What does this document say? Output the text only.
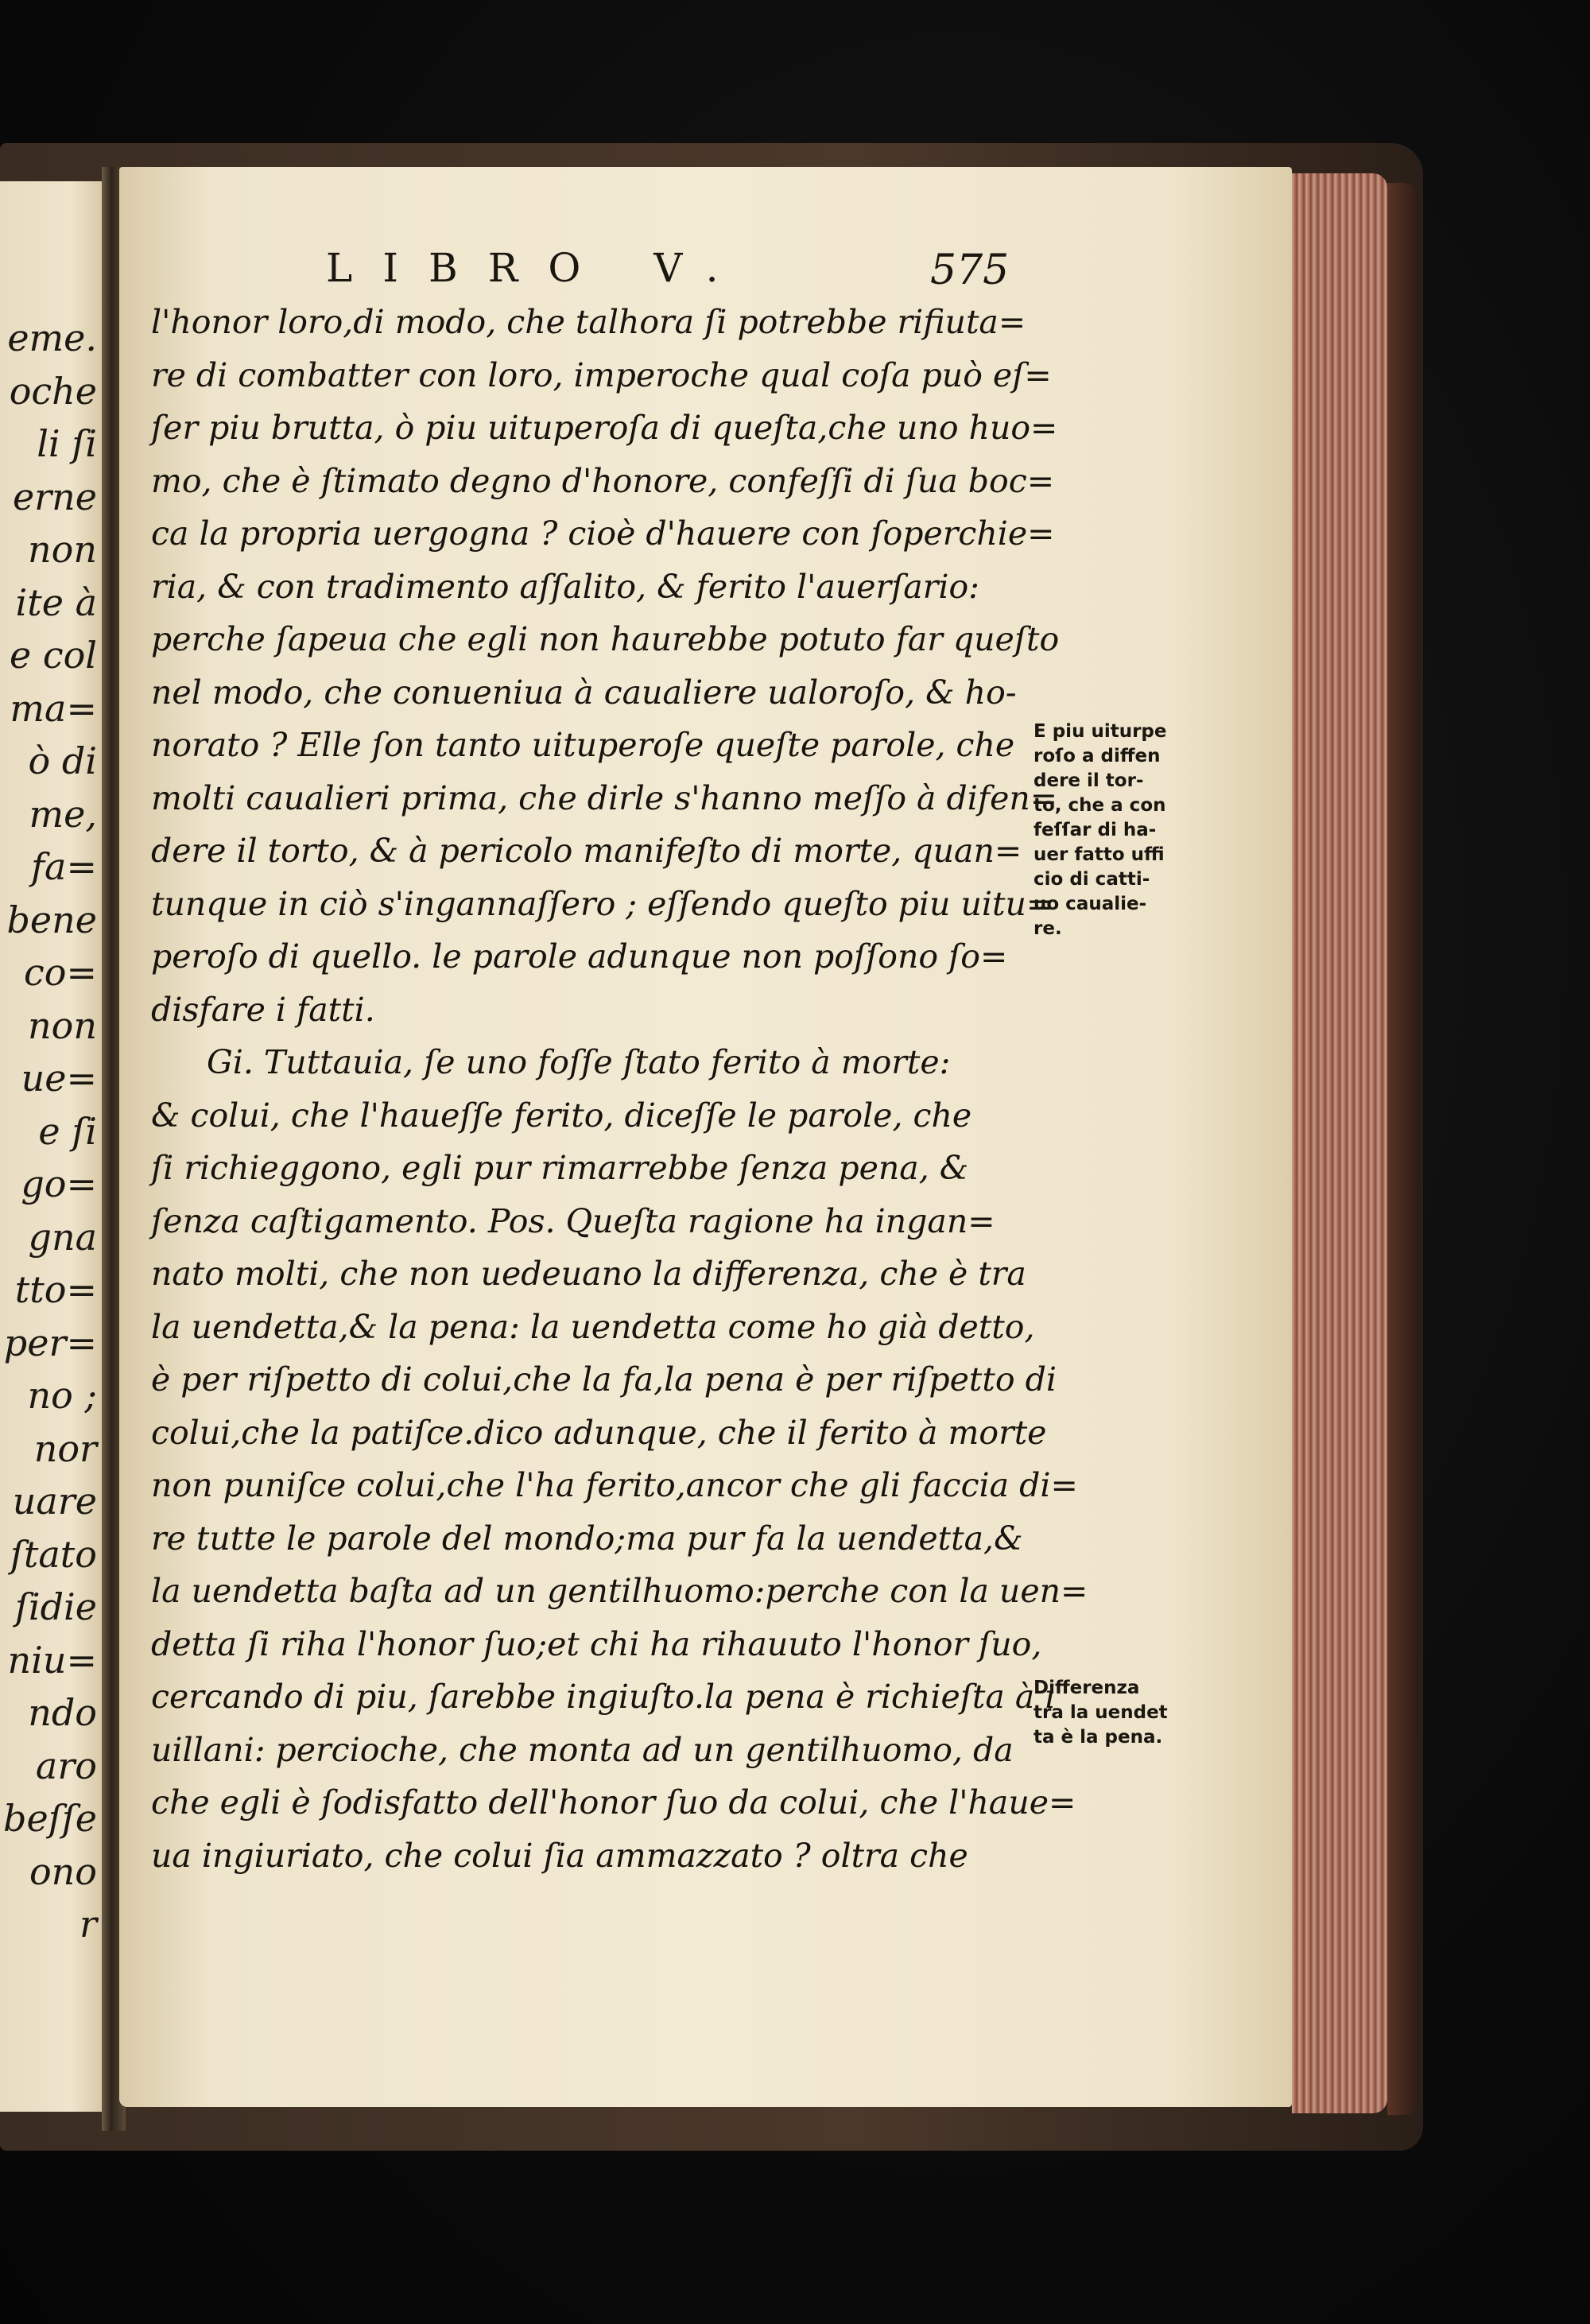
eme.
oche
li ſi
erne
non
ite à
e col
ma=
ò di
me,
fa=
bene
co=
non
ue=
e ſi
go=
gna
tto=
per=
no ;
nor
uare
ſtato
ſidie
niu=
ndo
aro
beſſe
ono
r
LIBRO V.	575
l'honor loro,di modo, che talhora ſi potrebbe rifiuta=
re di combatter con loro, imperoche qual coſa può eſ=
ſer piu brutta, ò piu uituperoſa di queſta,che uno huo=
mo, che è ſtimato degno d'honore, confeſſi di ſua boc=
ca la propria uergogna ? cioè d'hauere con ſoperchie=
ria, & con tradimento aſſalito, & ferito l'auerſario:
perche ſapeua che egli non haurebbe potuto far queſto
nel modo, che conueniua à caualiere ualoroſo, & ho-
norato ? Elle ſon tanto uituperoſe queſte parole, che
molti caualieri prima, che dirle s'hanno meſſo à difen=
dere il torto, & à pericolo manifeſto di morte, quan=
tunque in ciò s'ingannaſſero ; eſſendo queſto piu uitu=
peroſo di quello. le parole adunque non poſſono ſo=
disfare i fatti.
Gi. Tuttauia, ſe uno foſſe ſtato ferito à morte:
& colui, che l'haueſſe ferito, diceſſe le parole, che
ſi richieggono, egli pur rimarrebbe ſenza pena, &
ſenza caſtigamento. Pos. Queſta ragione ha ingan=
nato molti, che non uedeuano la differenza, che è tra
la uendetta,& la pena: la uendetta come ho già detto,
è per riſpetto di colui,che la fa,la pena è per riſpetto di
colui,che la patiſce.dico adunque, che il ferito à morte
non puniſce colui,che l'ha ferito,ancor che gli faccia di=
re tutte le parole del mondo;ma pur fa la uendetta,&
la uendetta baſta ad un gentilhuomo:perche con la uen=
detta ſi riha l'honor ſuo;et chi ha rihauuto l'honor ſuo,
cercando di piu, ſarebbe ingiuſto.la pena è richieſta à i
uillani: percioche, che monta ad un gentilhuomo, da
che egli è ſodisfatto dell'honor ſuo da colui, che l'haue=
ua ingiuriato, che colui ſia ammazzato ? oltra che
E piu uiturpe
roſo a diffen
dere il tor-
to, che a con
feſſar di ha-
uer fatto uffi
cio di catti-
uo caualie-
re.
Differenza
tra la uendet
ta è la pena.
